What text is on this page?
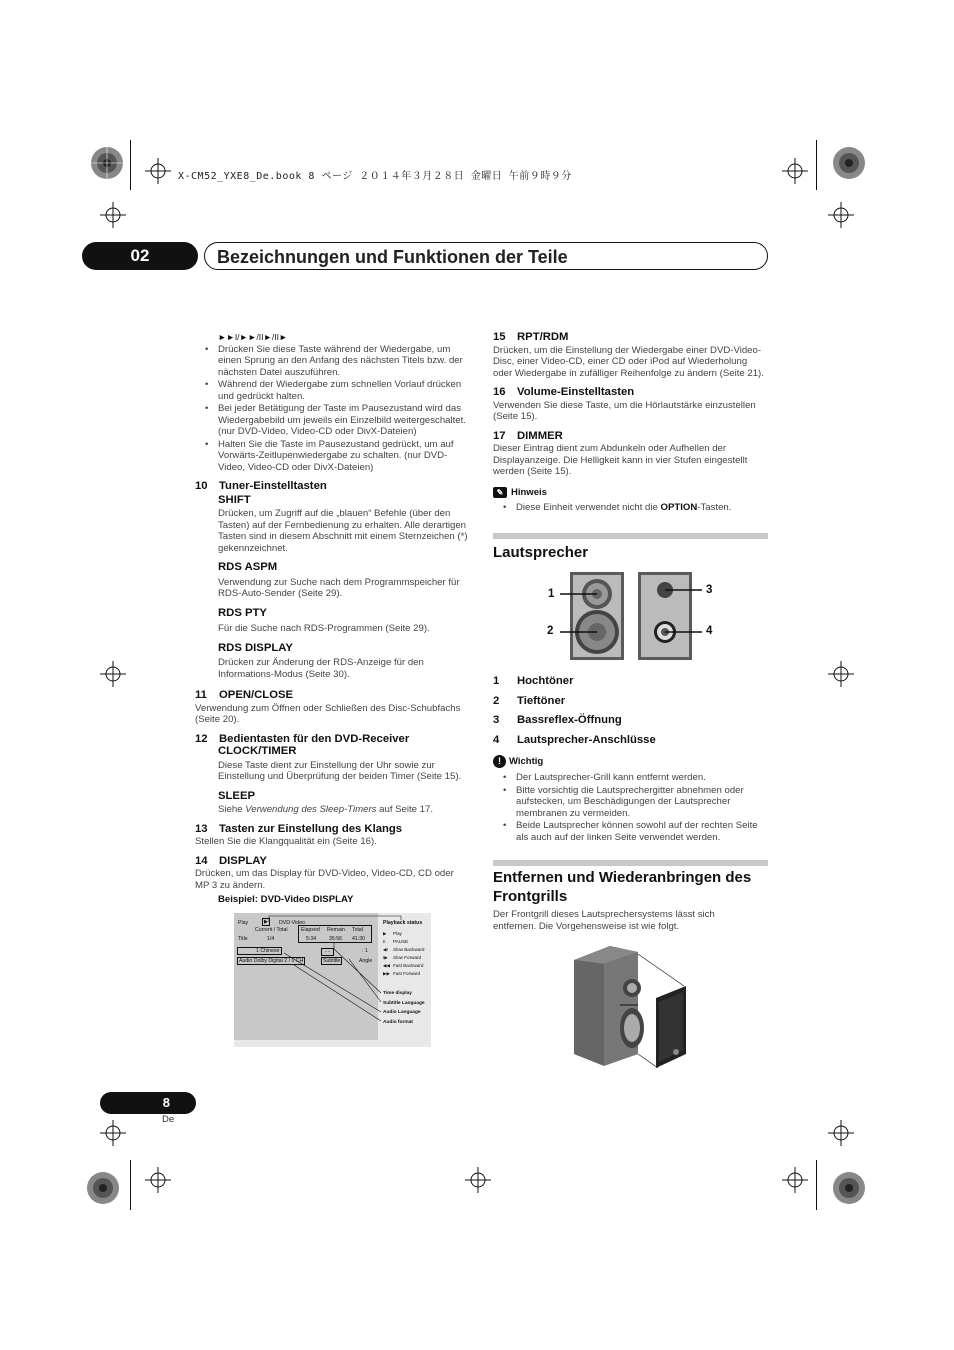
X-CM52_YXE8_De.book 8 ページ ２０１４年３月２８日 金曜日 午前９時９分
02	Bezeichnungen und Funktionen der Teile
►►I/►►/II►/II►
• Drücken Sie diese Taste während der Wiedergabe, um einen Sprung an den Anfang des nächsten Titels bzw. der nächsten Datei auszuführen.
• Während der Wiedergabe zum schnellen Vorlauf drücken und gedrückt halten.
• Bei jeder Betätigung der Taste im Pausezustand wird das Wiedergabebild um jeweils ein Einzelbild weitergeschaltet. (nur DVD-Video, Video-CD oder DivX-Dateien)
• Halten Sie die Taste im Pausezustand gedrückt, um auf Vorwärts-Zeitlupenwiedergabe zu schalten. (nur DVD-Video, Video-CD oder DivX-Dateien)
10 Tuner-Einstelltasten
SHIFT
Drücken, um Zugriff auf die „blauen“ Befehle (über den Tasten) auf der Fernbedienung zu erhalten. Alle derartigen Tasten sind in diesem Abschnitt mit einem Sternzeichen (*) gekennzeichnet.
RDS ASPM
Verwendung zur Suche nach dem Programmspeicher für RDS-Auto-Sender (Seite 29).
RDS PTY
Für die Suche nach RDS-Programmen (Seite 29).
RDS DISPLAY
Drücken zur Änderung der RDS-Anzeige für den Informations-Modus (Seite 30).
11 OPEN/CLOSE
Verwendung zum Öffnen oder Schließen des Disc-Schubfachs (Seite 20).
12 Bedientasten für den DVD-Receiver
CLOCK/TIMER
Diese Taste dient zur Einstellung der Uhr sowie zur Einstellung und Überprüfung der beiden Timer (Seite 15).
SLEEP
Siehe Verwendung des Sleep-Timers auf Seite 17.
13 Tasten zur Einstellung des Klangs
Stellen Sie die Klangqualität ein (Seite 16).
14 DISPLAY
Drücken, um das Display für DVD-Video, Video-CD, CD oder MP 3 zu ändern.
Beispiel: DVD-Video DISPLAY
Play	▶	DVD-Video
Current / Total	Elapsed Remain Total
Title	1/4	5:34 35:56 41:30
1 Chinese	- -	: 1
Audio Dolby Digital 2 / 0 CH	Subtitle	Angle
Playback status
▶ Play
II PAUSE
◀I Slow Backward
I▶ Slow Forward
◀◀ Fast Backward
▶▶ Fast Forward
Time display
Subtitle Language
Audio Language
Audio format
15 RPT/RDM
Drücken, um die Einstellung der Wiedergabe einer DVD-Video-Disc, einer Video-CD, einer CD oder iPod auf Wiederholung oder Wiedergabe in zufälliger Reihenfolge zu ändern (Seite 21).
16 Volume-Einstelltasten
Verwenden Sie diese Taste, um die Hörlautstärke einzustellen (Seite 15).
17 DIMMER
Dieser Eintrag dient zum Abdunkeln oder Aufhellen der Displayanzeige. Die Helligkeit kann in vier Stufen eingestellt werden (Seite 15).
✎ Hinweis
• Diese Einheit verwendet nicht die OPTION-Tasten.
Lautsprecher
1
2
3
4
1 Hochtöner
2 Tieftöner
3 Bassreflex-Öffnung
4 Lautsprecher-Anschlüsse
! Wichtig
• Der Lautsprecher-Grill kann entfernt werden.
• Bitte vorsichtig die Lautsprechergitter abnehmen oder aufstecken, um Beschädigungen der Lautsprecher membranen zu vermeiden.
• Beide Lautsprecher können sowohl auf der rechten Seite als auch auf der linken Seite verwendet werden.
Entfernen und Wiederanbringen des Frontgrills
Der Frontgrill dieses Lautsprechersystems lässt sich entfernen. Die Vorgehensweise ist wie folgt.
8
De
